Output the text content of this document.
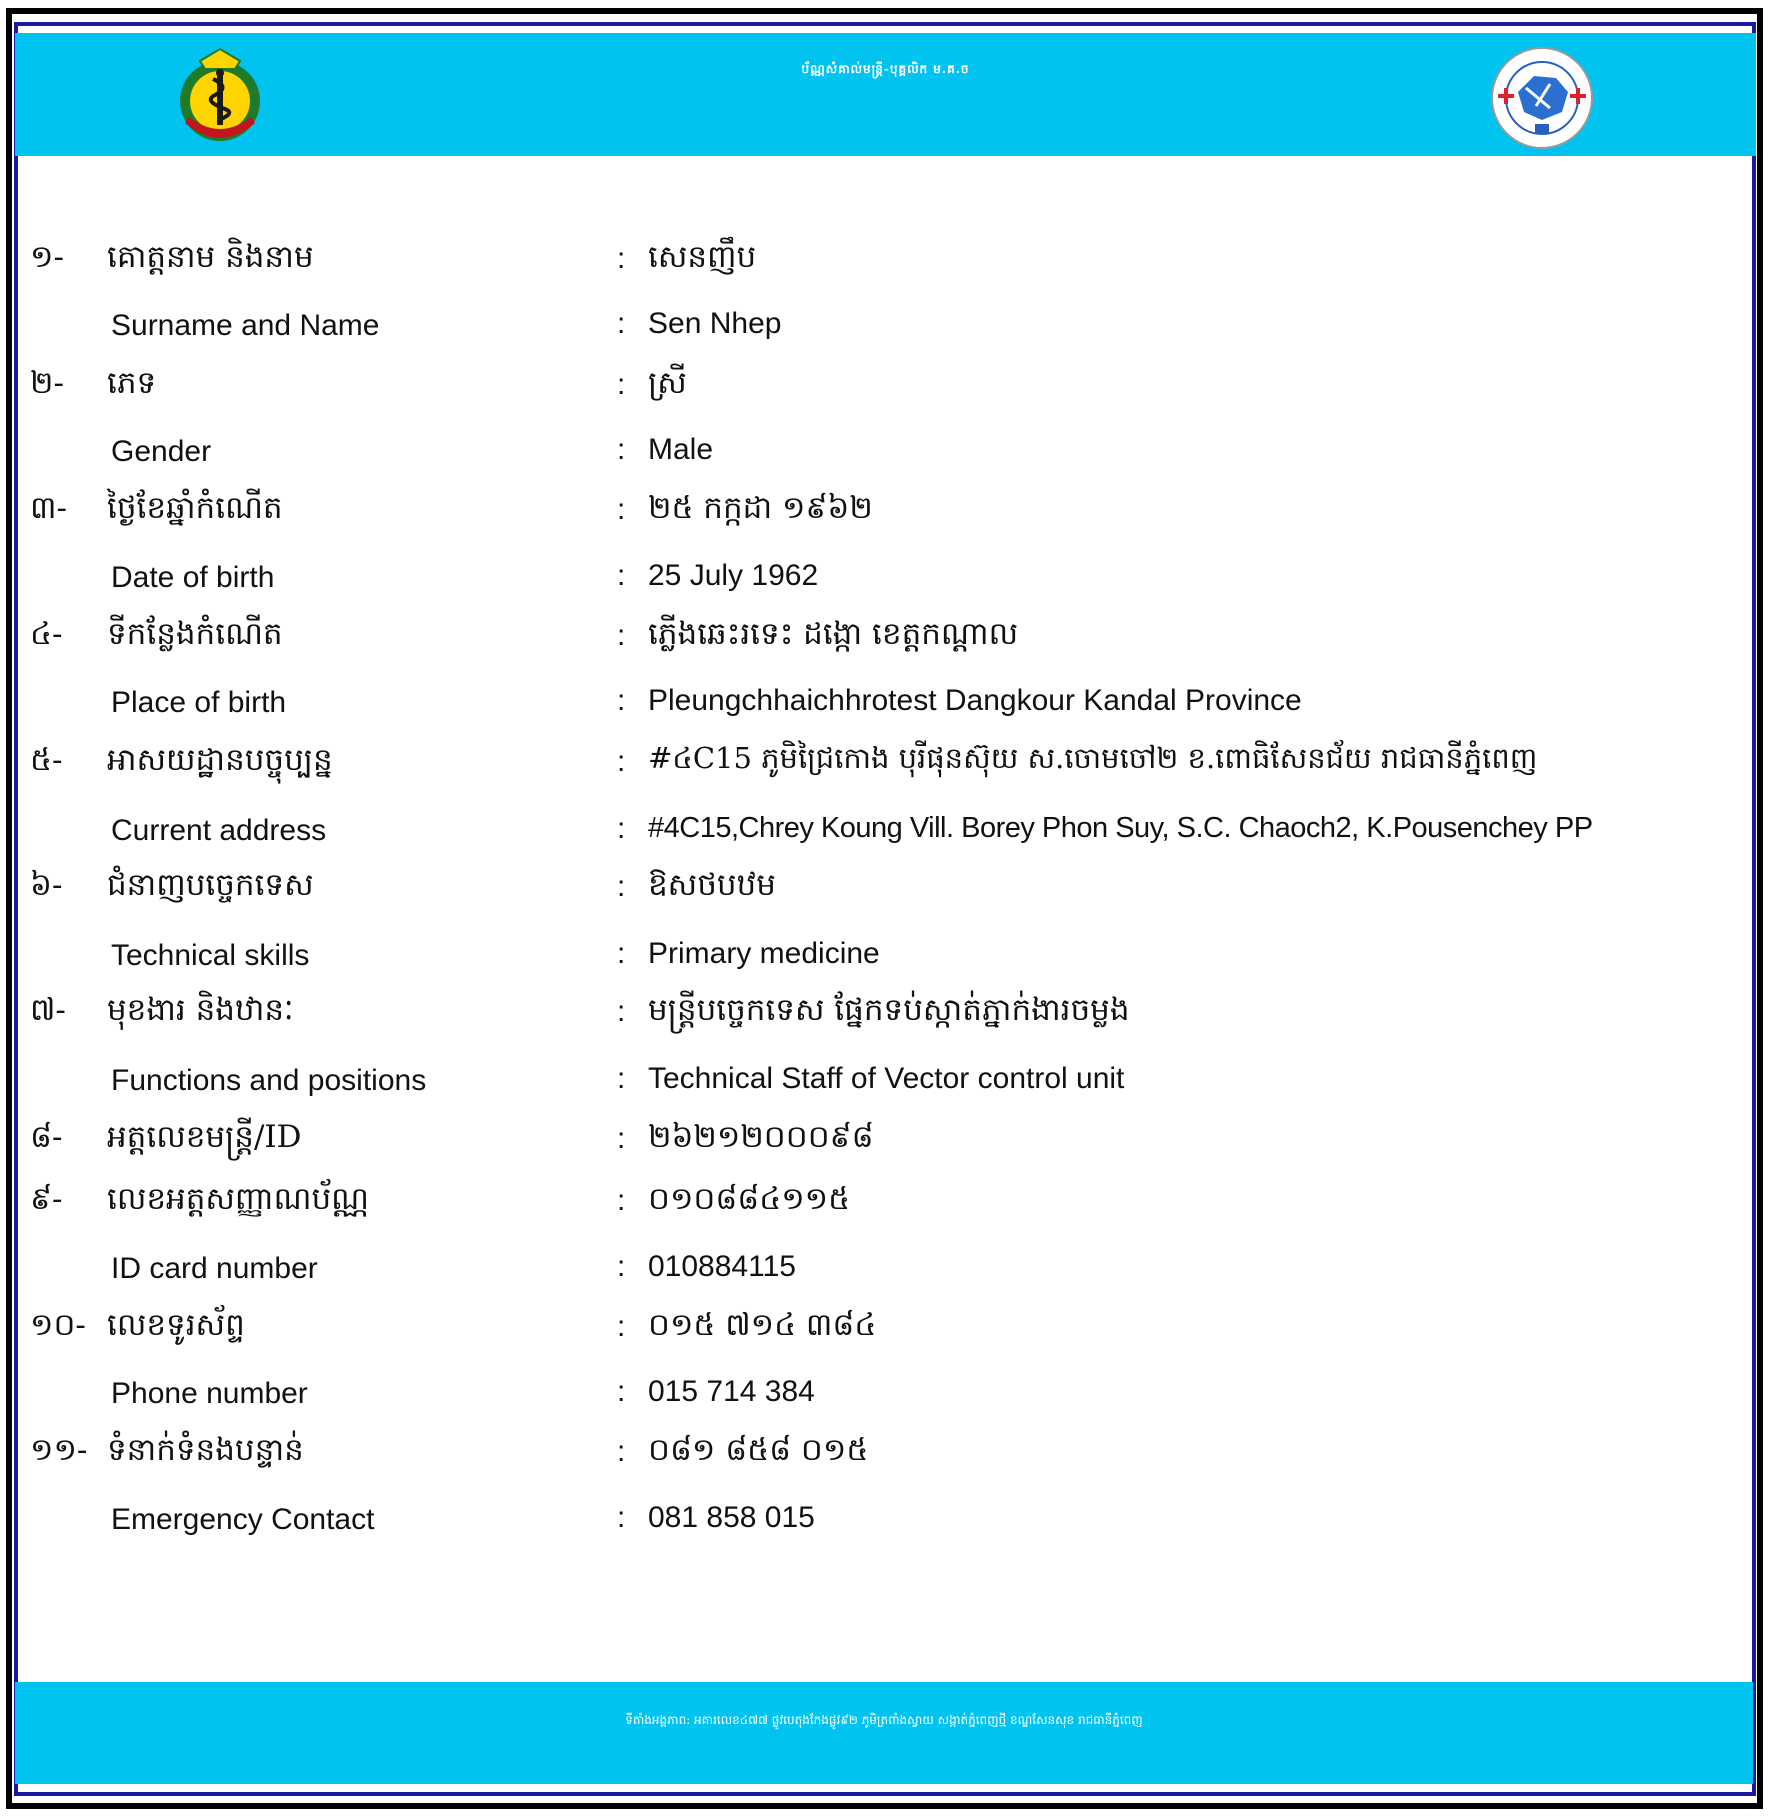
ប័ណ្ណសំគាល់មន្រ្តី-បុគ្គលិក ម.គ.ច
១- គោត្តនាម និងនាម	: សេនញឹប
Surname and Name	: Sen Nhep
២- ភេទ	: ស្រី
Gender	: Male
៣- ថ្ងៃខែឆ្នាំកំណើត	: ២៥ កក្កដា ១៩៦២
Date of birth	: 25 July 1962
៤- ទីកន្លែងកំណើត	: ភ្លើងឆេះរទេះ ដង្កោ ខេត្តកណ្តាល
Place of birth	: Pleungchhaichhrotest Dangkour Kandal Province
៥- អាសយដ្ឋានបច្ចុប្បន្ន	: #៤C15 ភូមិជ្រៃកោង បុរីផុនស៊ុយ ស.ចោមចៅ២ ខ.ពោធិសែនជ័យ រាជធានីភ្នំពេញ
Current address	: #4C15,Chrey Koung Vill. Borey Phon Suy, S.C. Chaoch2, K.Pousenchey PP
៦- ជំនាញបច្ចេកទេស	: ឱសថបឋម
Technical skills	: Primary medicine
៧- មុខងារ និងឋានៈ	: មន្រ្តីបច្ចេកទេស ផ្នែកទប់ស្កាត់ភ្នាក់ងារចម្លង
Functions and positions	: Technical Staff of Vector control unit
៨- អត្តលេខមន្ត្រី/ID	: ២៦២១២០០០៩៨
៩- លេខអត្តសញ្ញាណប័ណ្ណ	: ០១០៨៨៤១១៥
ID card number	: 010884115
១០- លេខទូរស័ព្ទ	: ០១៥ ៧១៤ ៣៨៤
Phone number	: 015 714 384
១១- ទំនាក់ទំនងបន្ទាន់	: ០៨១ ៨៥៨ ០១៥
Emergency Contact	: 081 858 015
ទីតាំងអង្គភាព: អគារលេខ៤៧៧ ផ្លូវបេតុងកែងផ្លូវ៩២ ភូមិត្រពាំងស្វាយ សង្កាត់ភ្នំពេញថ្មី ខណ្ឌសែនសុខ រាជធានីភ្នំពេញ
